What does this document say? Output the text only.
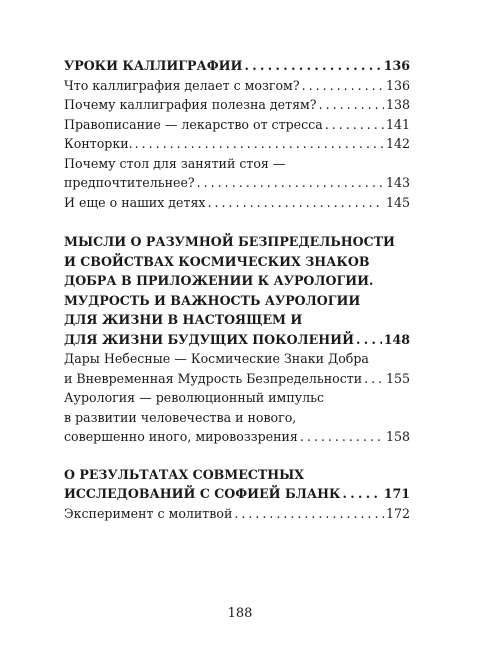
УРОКИ КАЛЛИГРАФИИ . . .	136
Что каллиграфия делает с мозгом? . . .	136
Почему каллиграфия полезна детям? . . .	138
Правописание — лекарство от стресса . . .	141
Конторки. . . .	142
Почему стол для занятий стоя —
предпочтительнее? . . .	143
И еще о наших детях . . .	145
МЫСЛИ О РАЗУМНОЙ БЕЗПРЕДЕЛЬНОСТИ
И СВОЙСТВАХ КОСМИЧЕСКИХ ЗНАКОВ
ДОБРА В ПРИЛОЖЕНИИ К АУРОЛОГИИ.
МУДРОСТЬ И ВАЖНОСТЬ АУРОЛОГИИ
ДЛЯ ЖИЗНИ В НАСТОЯЩЕМ И
ДЛЯ ЖИЗНИ БУДУЩИХ ПОКОЛЕНИЙ . . . 148
Дары Небесные — Космические Знаки Добра
и Вневременная Мудрость Безпредельности . . . 155
Аурология — революционный импульс
в развитии человечества и нового,
совершенно иного, мировоззрения . . .	158
О РЕЗУЛЬТАТАХ СОВМЕСТНЫХ
ИССЛЕДОВАНИЙ С СОФИЕЙ БЛАНК . . .	171
Эксперимент с молитвой . . .	172
188
